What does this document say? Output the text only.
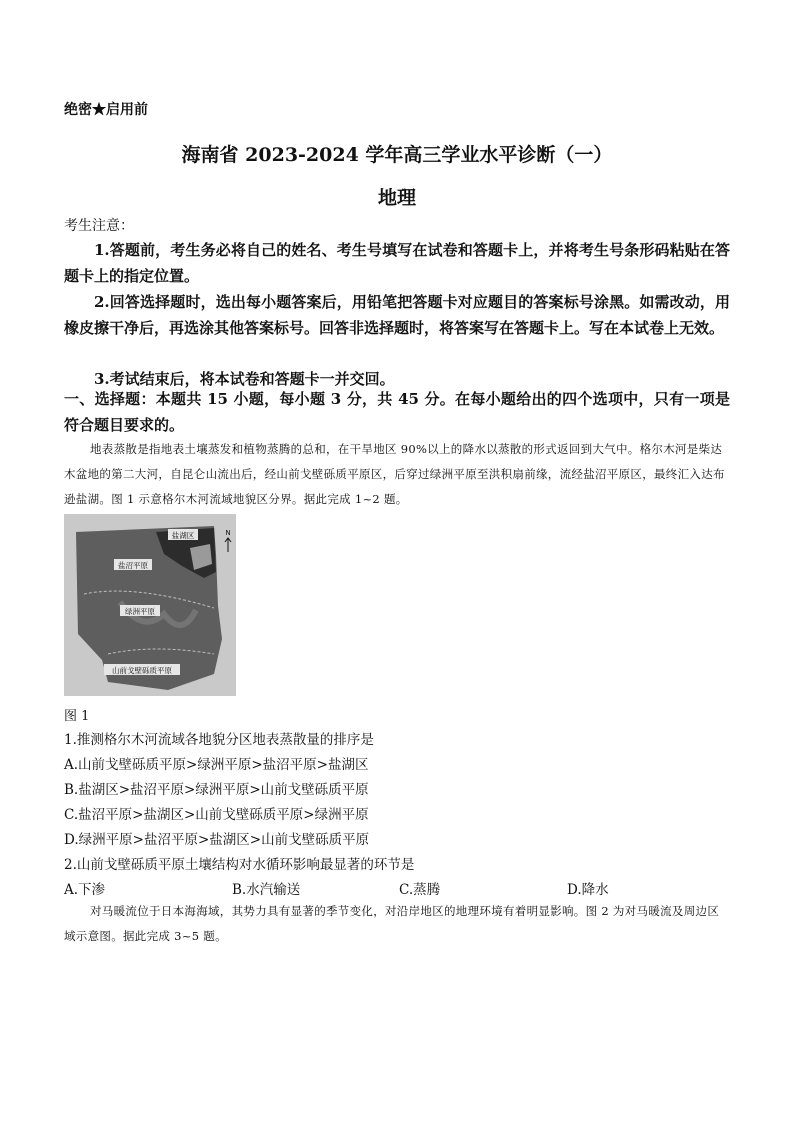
绝密★启用前
海南省 2023-2024 学年高三学业水平诊断（一）
地理
考生注意：
1.答题前，考生务必将自己的姓名、考生号填写在试卷和答题卡上，并将考生号条形码粘贴在答题卡上的指定位置。
2.回答选择题时，选出每小题答案后，用铅笔把答题卡对应题目的答案标号涂黑。如需改动，用橡皮擦干净后，再选涂其他答案标号。回答非选择题时，将答案写在答题卡上。写在本试卷上无效。
3.考试结束后，将本试卷和答题卡一并交回。
一、选择题：本题共 15 小题，每小题 3 分，共 45 分。在每小题给出的四个选项中，只有一项是符合题目要求的。
地表蒸散是指地表土壤蒸发和植物蒸腾的总和，在干旱地区 90%以上的降水以蒸散的形式返回到大气中。格尔木河是柴达木盆地的第二大河，自昆仑山流出后，经山前戈壁砾质平原区，后穿过绿洲平原至洪积扇前缘，流经盐沼平原区，最终汇入达布逊盐湖。图 1 示意格尔木河流域地貌区分界。据此完成 1~2 题。
盐湖区
盐沼平原
绿洲平原
山前戈壁砾质平原
N
图 1
1.推测格尔木河流域各地貌分区地表蒸散量的排序是
A.山前戈壁砾质平原>绿洲平原>盐沼平原>盐湖区
B.盐湖区>盐沼平原>绿洲平原>山前戈壁砾质平原
C.盐沼平原>盐湖区>山前戈壁砾质平原>绿洲平原
D.绿洲平原>盐沼平原>盐湖区>山前戈壁砾质平原
2.山前戈壁砾质平原土壤结构对水循环影响最显著的环节是
A.下渗	B.水汽输送	C.蒸腾	D.降水
对马暖流位于日本海海域，其势力具有显著的季节变化，对沿岸地区的地理环境有着明显影响。图 2 为对马暖流及周边区域示意图。据此完成 3~5 题。
